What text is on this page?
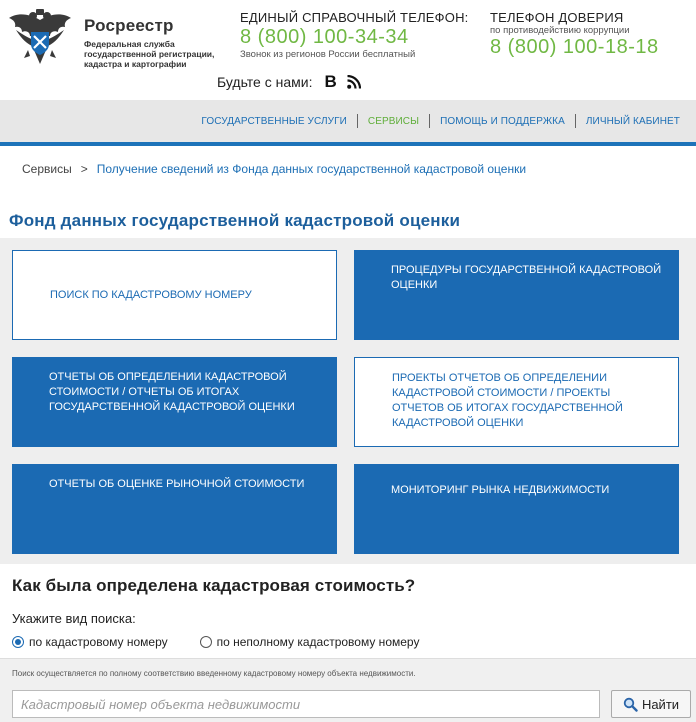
Росреестр
Федеральная служба государственной регистрации, кадастра и картографии
ЕДИНЫЙ СПРАВОЧНЫЙ ТЕЛЕФОН:
8 (800) 100-34-34
Звонок из регионов России бесплатный
ТЕЛЕФОН ДОВЕРИЯ
по противодействию коррупции
8 (800) 100-18-18
Будьте с нами: B
ГОСУДАРСТВЕННЫЕ УСЛУГИ	СЕРВИСЫ	ПОМОЩЬ И ПОДДЕРЖКА	ЛИЧНЫЙ КАБИНЕТ
Сервисы > Получение сведений из Фонда данных государственной кадастровой оценки
Фонд данных государственной кадастровой оценки
ПОИСК ПО КАДАСТРОВОМУ НОМЕРУ
ПРОЦЕДУРЫ ГОСУДАРСТВЕННОЙ КАДАСТРОВОЙ ОЦЕНКИ
ОТЧЕТЫ ОБ ОПРЕДЕЛЕНИИ КАДАСТРОВОЙ СТОИМОСТИ / ОТЧЕТЫ ОБ ИТОГАХ ГОСУДАРСТВЕННОЙ КАДАСТРОВОЙ ОЦЕНКИ
ПРОЕКТЫ ОТЧЕТОВ ОБ ОПРЕДЕЛЕНИИ КАДАСТРОВОЙ СТОИМОСТИ / ПРОЕКТЫ ОТЧЕТОВ ОБ ИТОГАХ ГОСУДАРСТВЕННОЙ КАДАСТРОВОЙ ОЦЕНКИ
ОТЧЕТЫ ОБ ОЦЕНКЕ РЫНОЧНОЙ СТОИМОСТИ	МОНИТОРИНГ РЫНКА НЕДВИЖИМОСТИ
Как была определена кадастровая стоимость?
Укажите вид поиска:
по кадастровому номеру	по неполному кадастровому номеру
Поиск осуществляется по полному соответствию введенному кадастровому номеру объекта недвижимости.
Кадастровый номер объекта недвижимости
Найти
